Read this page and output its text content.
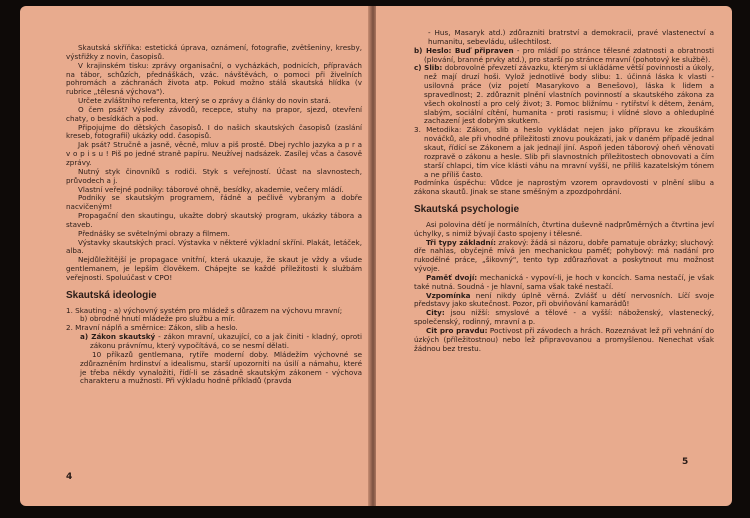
Skautská skříňka: estetická úprava, oznámení, fotografie, zvětšeniny, kresby, výstřižky z novin, časopisů.

V krajinském tisku: zprávy organisační, o vycházkách, podnicích, přípravách na tábor, schůzích, přednáškách, vzác. návštěvách, o pomoci při živelních pohromách a záchranách života atp. Pokud možno stálá skautská hlídka (v rubrice „tělesná výchova").

Určete zvláštního referenta, který se o zprávy a články do novin stará.

O čem psát? Výsledky závodů, recepce, stuhy na prapor, sjezd, otevření chaty, o besídkách a pod.

Připojujme do dětských časopisů. I do našich skautských časopisů (zaslání kreseb, fotografií) ukázky odd. časopisů.

Jak psát? Stručně a jasně, věcně, mluv a piš prostě. Dbej rychlo jazyka a p r a v o p i s u ! Piš po jedné straně papíru. Neužívej nadsázek. Zasílej včas a časově zprávy.

Nutný styk činovníků s rodiči. Styk s veřejností. Účast na slavnostech, průvodech a j.

Vlastní veřejné podniky: táborové ohně, besídky, akademie, večery mládí.

Podniky se skautským programem, řádně a pečlivě vybraným a dobře nacvičeným!

Propagační den skautingu, ukažte dobrý skautský program, ukázky tábora a staveb.

Přednášky se světelnými obrazy a filmem.

Výstavky skautských prací. Výstavka v některé výkladní skříni. Plakát, letáček, alba.

Nejdůležitější je propagace vnitřní, která ukazuje, že skaut je vždy a všude gentlemanem, je lepším člověkem. Chápejte se každé příležitosti k službám veřejnosti. Spoluúčast v CPO!

Skautská ideologie

1. Skauting - a) výchovný systém pro mládež s důrazem na výchovu mravní;

b) obrodné hnutí mládeže pro službu a mír.

2. Mravní náplň a směrnice: Zákon, slib a heslo.

a) Zákon skautský - zákon mravní, ukazující, co a jak činiti - kladný, oproti zákonu právnímu, který vypočítává, co se nesmí dělati.

10 příkazů gentlemana, rytíře moderní doby. Mládežím výchovné se zdůrazněním hrdinství a idealismu, starší upozorniti na úsilí a námahu, které je třeba někdy vynaložiti, řídí-li se zásadně skautským zákonem - výchova charakteru a mužnosti. Při výkladu hodně příkladů (pravda

4

- Hus, Masaryk atd.) zdůrazniti bratrství a demokracii, pravé vlastenectví a humanitu, sebevládu, ušlechtilost.

b) Heslo: Buď připraven - pro mládí po stránce tělesné zdatnosti a obratnosti (plování, branné prvky atd.), pro starší po stránce mravní (pohotový ke službě).

c) Slib: dobrovolné převzetí závazku, kterým si ukládáme větší povinnosti a úkoly, než mají druzí hoši. Vylož jednotlivé body slibu: 1. účinná láska k vlasti - usilovná práce (viz pojetí Masarykovo a Benešovo), láska k lidem a spravedlnost; 2. zdůraznit plnění vlastních povinností a skautského zákona za všech okolností a pro celý život; 3. Pomoc bližnímu - rytířství k dětem, ženám, slabým, sociální cítění, humanita - proti rasismu; i vlídné slovo a ohleduplné zachazení jest dobrým skutkem.

3. Metodika: Zákon, slib a heslo vykládat nejen jako přípravu ke zkouškám nováčků, ale při vhodné příležitosti znovu poukázati, jak v daném případě jednal skaut, řídící se Zákonem a jak jednají jiní. Aspoň jeden táborový oheň věnovati rozpravě o zákonu a hesle. Slib při slavnostních příležitostech obnovovati a čím starší chlapci, tím více klásti váhu na mravní vyšší, ne příliš kazatelským tónem a ne příliš často.

Podmínka úspěchu: Vůdce je naprostým vzorem opravdovosti v plnění slibu a zákona skautů. Jinak se stane směšným a zpozdpohrdání.

Skautská psychologie

Asi polovina dětí je normálních, čtvrtina duševně nadprůměrných a čtvrtina jeví úchylky, s nimiž bývají často spojeny i tělesné.

Tři typy základní: zrakový: žádá si názoru, dobře pamatuje obrázky; sluchový: dře nahlas, obyčejně mívá jen mechanickou paměť; pohybový: má nadání pro rukodělné práce, „šikovný", tento typ zdůrazňovat a poskytnout mu možnost vývoje.

Paměť dvojí: mechanická - vypoví-li, je hoch v koncích. Sama nestačí, je však také nutná. Soudná - je hlavní, sama však také nestačí.

Vzpomínka není nikdy úplně věrná. Zvlášť u dětí nervosních. Líčí svoje představy jako skutečnost. Pozor, při obviňování kamarádů!

City: jsou nižší: smyslové a tělové - a vyšší: náboženský, vlastenecký, společenský, rodinný, mravní a p.

Cit pro pravdu: Poctivost při závodech a hrách. Rozeznávat lež při vehnání do úzkých (příležitostnou) nebo lež připravovanou a promyšlenou. Nenechat však žádnou bez trestu.

5
